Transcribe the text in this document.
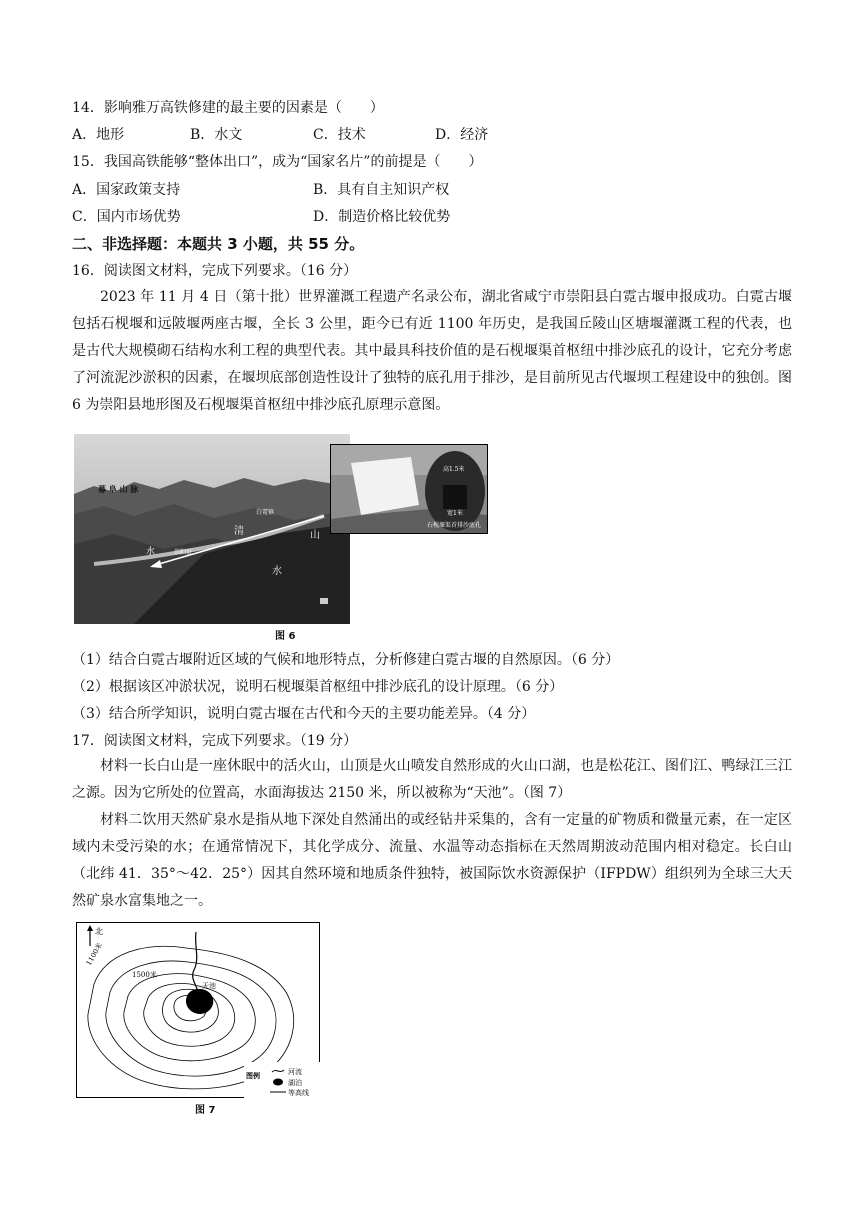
14．影响雅万高铁修建的最主要的因素是（　　）
A．地形	B．水文	C．技术	D．经济
15．我国高铁能够“整体出口”，成为“国家名片”的前提是（　　）
A．国家政策支持	B．具有自主知识产权
C．国内市场优势	D．制造价格比较优势
二、非选择题：本题共 3 小题，共 55 分。
16．阅读图文材料，完成下列要求。（16 分）
2023 年 11 月 4 日（第十批）世界灌溉工程遗产名录公布，湖北省咸宁市崇阳县白霓古堰申报成功。白霓古堰包括石枧堰和远陂堰两座古堰，全长 3 公里，距今已有近 1100 年历史，是我国丘陵山区塘堰灌溉工程的代表，也是古代大规模砌石结构水利工程的典型代表。其中最具科技价值的是石枧堰渠首枢纽中排沙底孔的设计，它充分考虑了河流泥沙淤积的因素，在堰坝底部创造性设计了独特的底孔用于排沙，是目前所见古代堰坝工程建设中的独创。图 6 为崇阳县地形图及石枧堰渠首枢纽中排沙底孔原理示意图。
幕 阜 山 脉
水
白霓镇
崇阳县
清
水
山
高1.5米
宽1米
石枧堰渠首排沙底孔
图 6
（1）结合白霓古堰附近区域的气候和地形特点，分析修建白霓古堰的自然原因。（6 分）
（2）根据该区冲淤状况，说明石枧堰渠首枢纽中排沙底孔的设计原理。（6 分）
（3）结合所学知识，说明白霓古堰在古代和今天的主要功能差异。（4 分）
17．阅读图文材料，完成下列要求。（19 分）
材料一长白山是一座休眠中的活火山，山顶是火山喷发自然形成的火山口湖，也是松花江、图们江、鸭绿江三江之源。因为它所处的位置高，水面海拔达 2150 米，所以被称为“天池”。（图 7）
材料二饮用天然矿泉水是指从地下深处自然涌出的或经钻井采集的，含有一定量的矿物质和微量元素，在一定区域内未受污染的水；在通常情况下，其化学成分、流量、水温等动态指标在天然周期波动范围内相对稳定。长白山（北纬 41．35°～42．25°）因其自然环境和地质条件独特，被国际饮水资源保护（IFPDW）组织列为全球三大天然矿泉水富集地之一。
北
1100米
1500米
天池
图例	河流
湖泊
等高线
图 7
